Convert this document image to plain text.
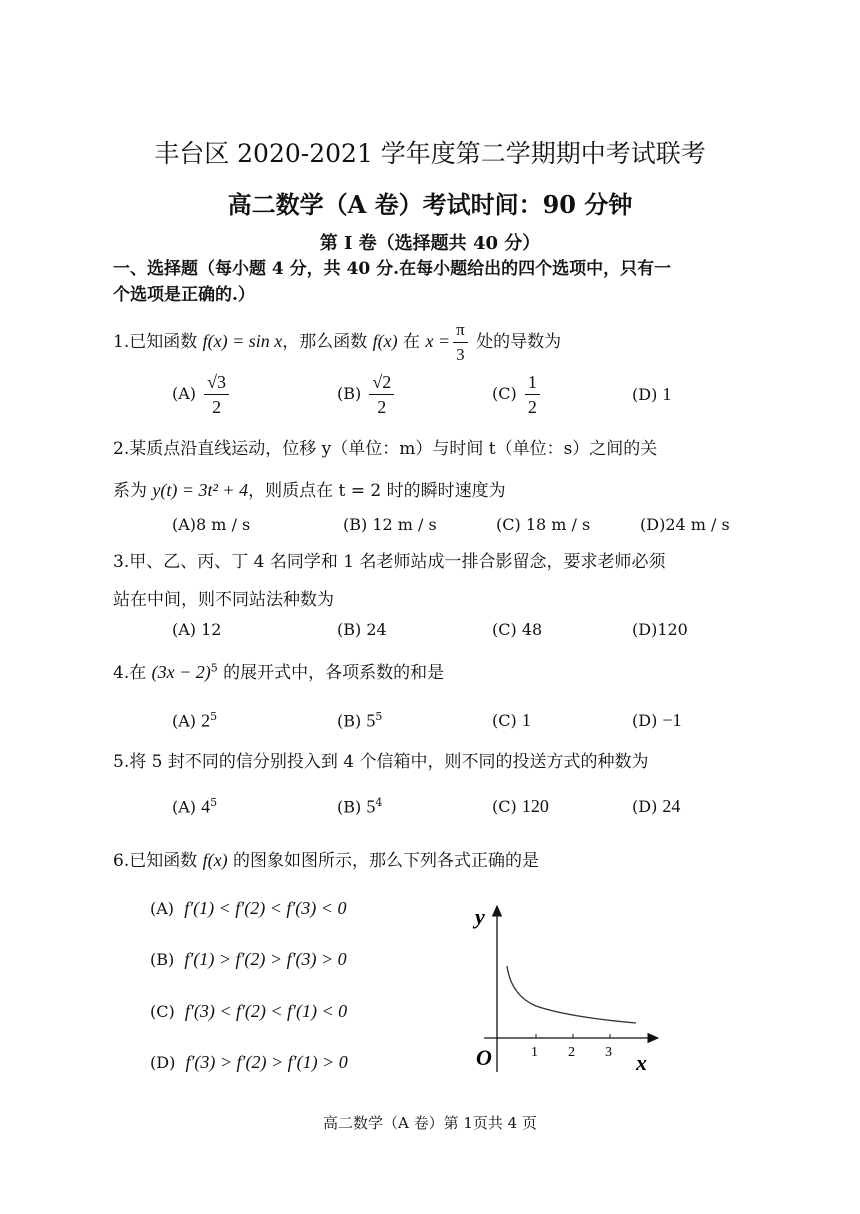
丰台区 2020-2021 学年度第二学期期中考试联考
高二数学（A 卷）考试时间：90 分钟
第 I 卷（选择题共 40 分）
一、选择题（每小题 4 分，共 40 分.在每小题给出的四个选项中，只有一
个选项是正确的.）
1.已知函数 f(x) = sin x，那么函数 f(x) 在 $x = \frac{\pi}{3}$ 处的导数为
$(A) \frac{√3}{2}$	$(B) \frac{√2}{2}$	$(C) \frac{1}{2}$	(D) 1
2.某质点沿直线运动，位移 y（单位：m）与时间 t（单位：s）之间的关
系为 y(t) = 3t² + 4，则质点在 t = 2 时的瞬时速度为
(A)8 m / s	(B) 12 m / s	(C) 18 m / s	(D)24 m / s
3.甲、乙、丙、丁 4 名同学和 1 名老师站成一排合影留念，要求老师必须
站在中间，则不同站法种数为
(A) 12	(B) 24	(C) 48	(D)120
4.在 $(3x - 2)^5$ 的展开式中，各项系数的和是
(A) $2^5$	(B) $5^5$	(C) 1	(D) −1
5.将 5 封不同的信分别投入到 4 个信箱中，则不同的投送方式的种数为
(A) $4^5$	(B) $5^4$	(C) 120	(D) 24
6.已知函数 f(x) 的图象如图所示，那么下列各式正确的是
(A) f′(1) < f′(2) < f′(3) < 0
(B) f′(1) > f′(2) > f′(3) > 0
(C) f′(3) < f′(2) < f′(1) < 0
(D) f′(3) > f′(2) > f′(1) > 0	1 2 3
y
x
O
高二数学（A 卷）第 1页共 4 页
